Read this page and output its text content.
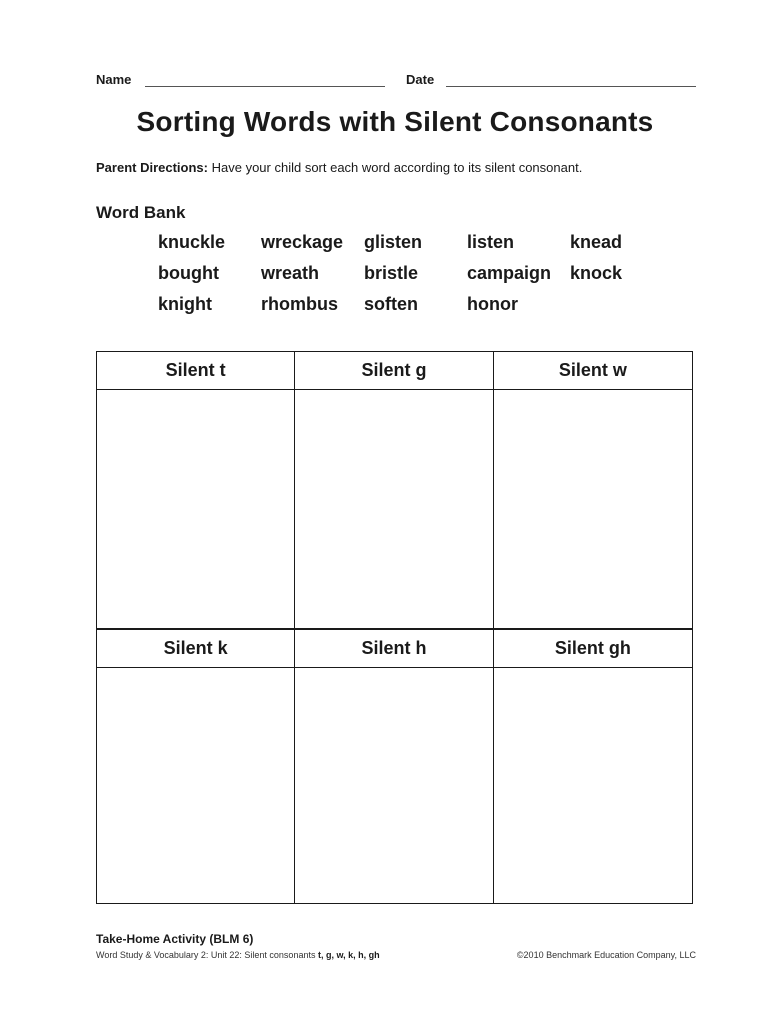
Name	Date
Sorting Words with Silent Consonants
Parent Directions: Have your child sort each word according to its silent consonant.
Word Bank
knuckle	wreckage	glisten	listen	knead
bought	wreath	bristle	campaign	knock
knight	rhombus	soften	honor
Silent t	Silent g	Silent w
Silent k	Silent h	Silent gh
Take-Home Activity (BLM 6)
Word Study & Vocabulary 2: Unit 22: Silent consonants t, g, w, k, h, gh	©2010 Benchmark Education Company, LLC
